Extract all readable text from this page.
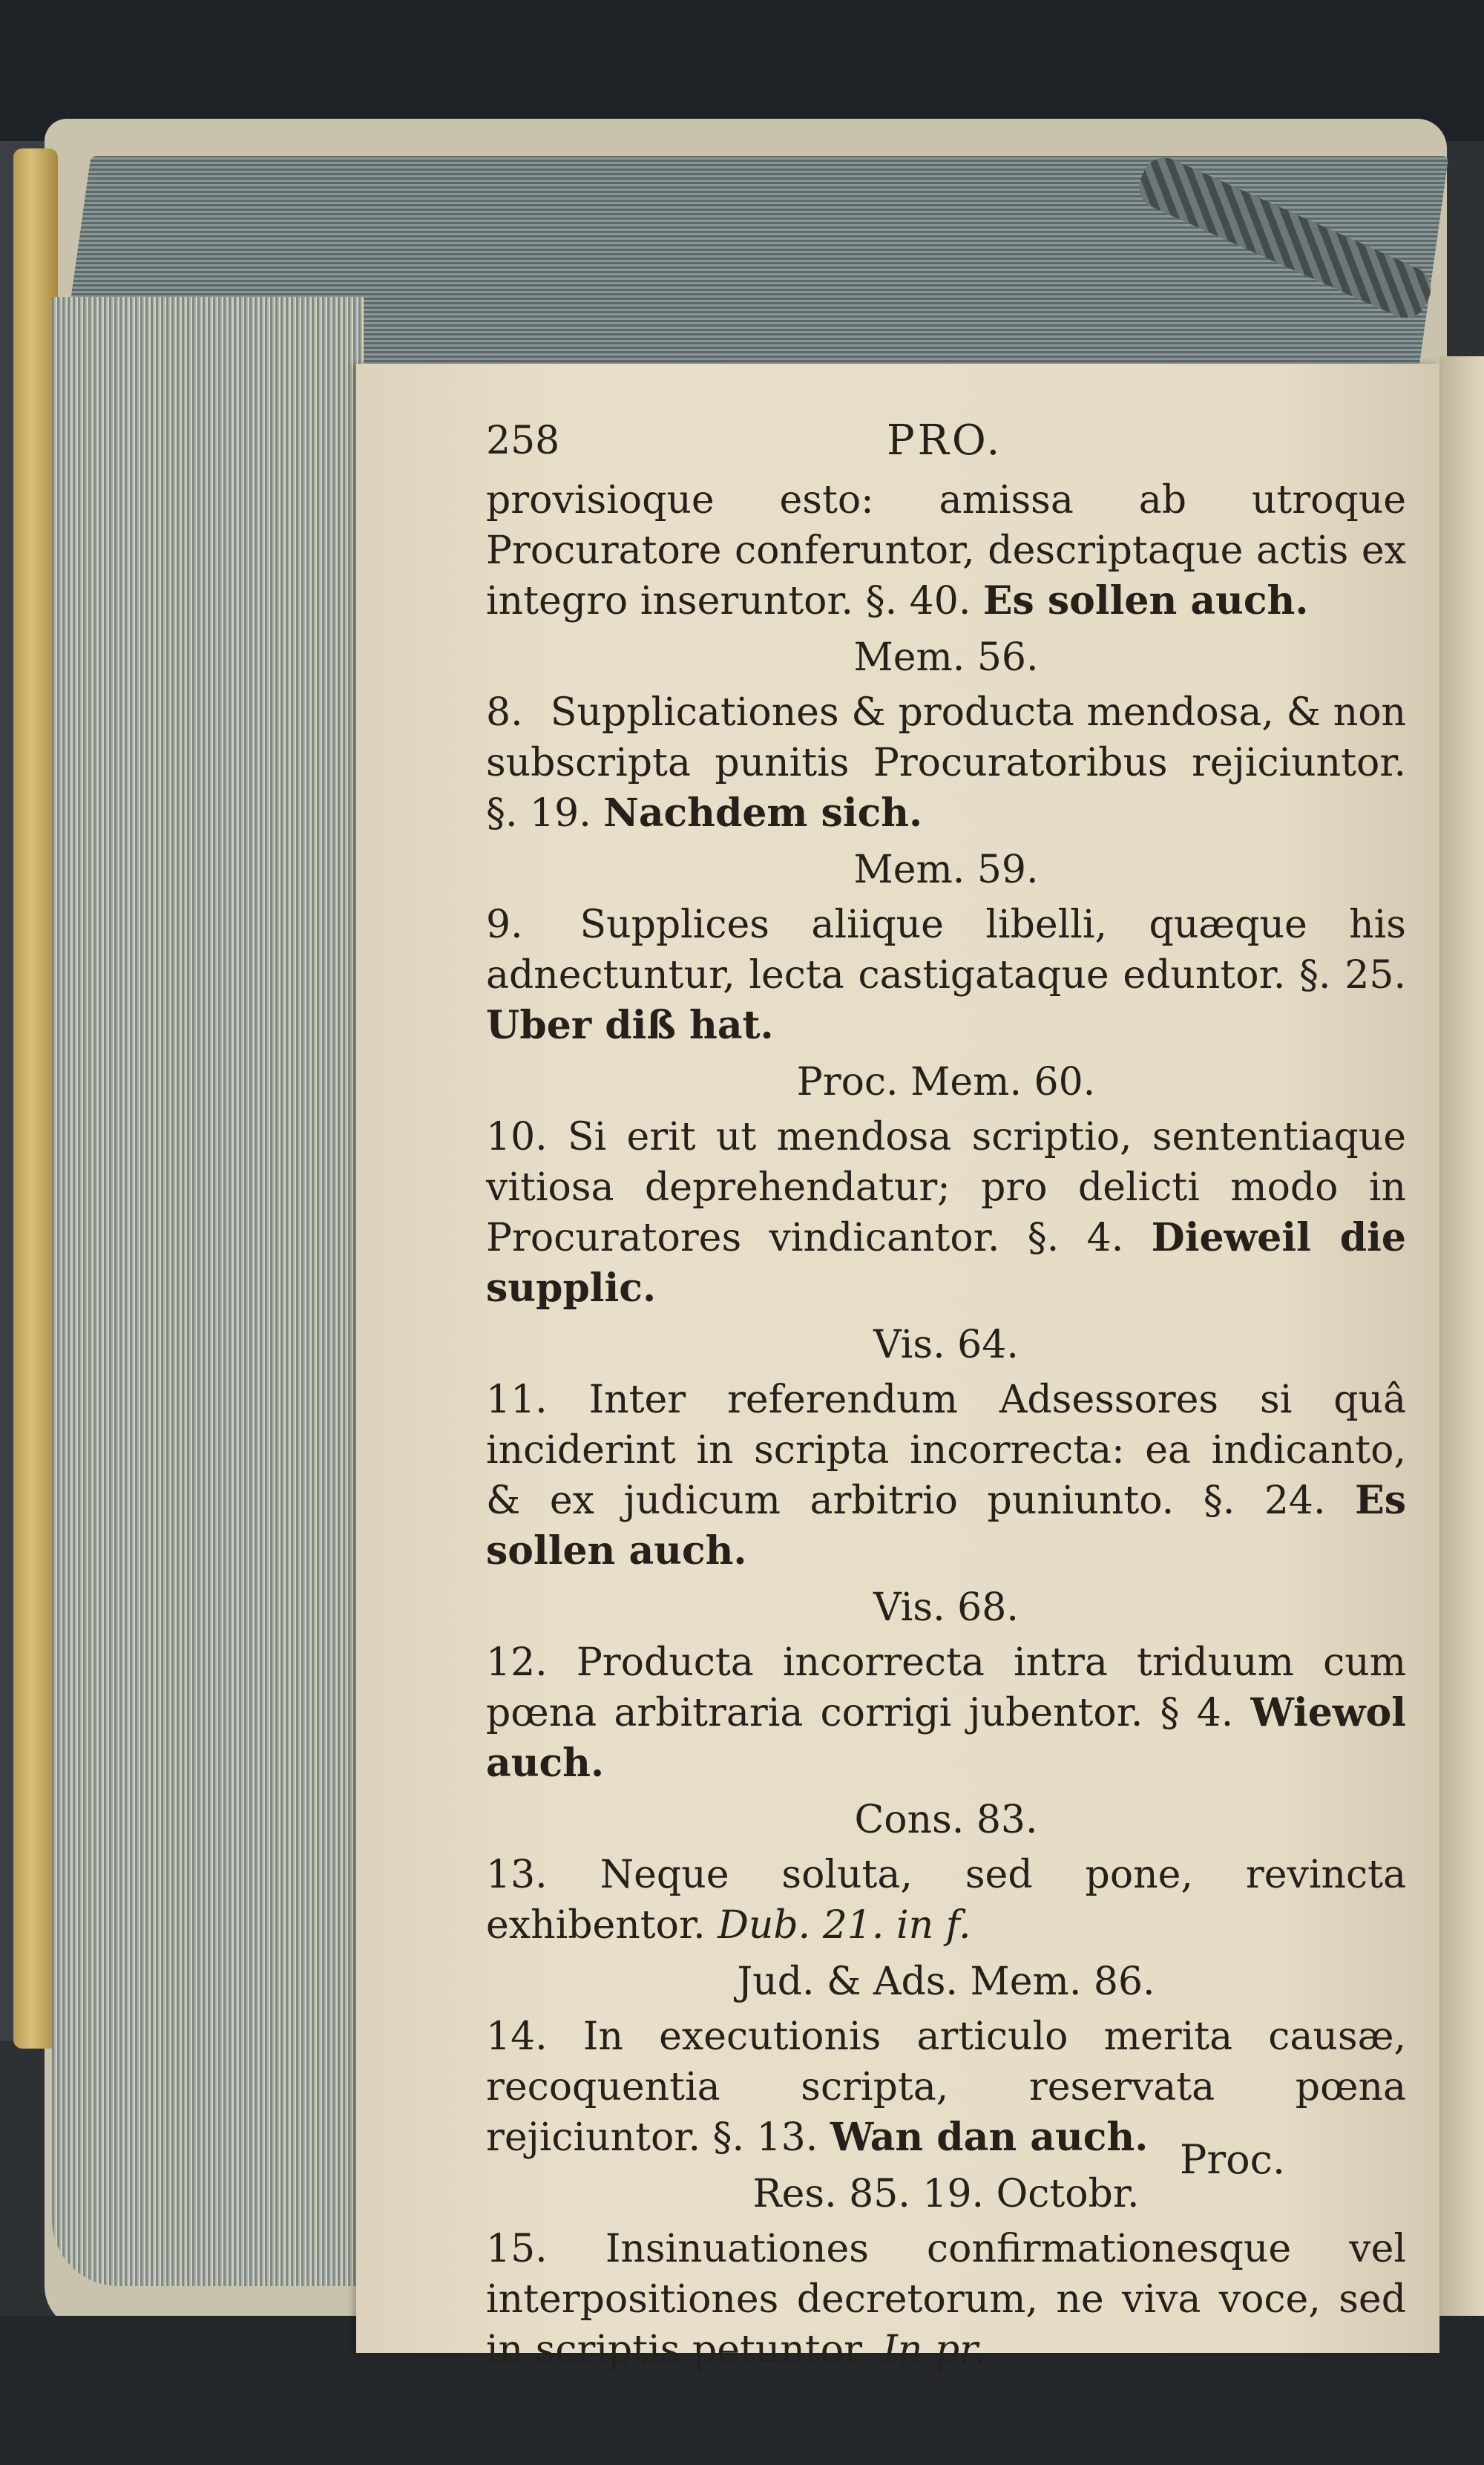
258	PRO.

provisioque esto: amissa ab utroque Procuratore conferuntor, descriptaque actis ex integro inseruntor. §. 40. Es sollen auch.

Mem. 56.

8. Supplicationes & producta mendosa, & non subscripta punitis Procuratoribus rejiciuntor. §. 19. Nachdem sich.

Mem. 59.

9. Supplices aliique libelli, quæque his adnectuntur, lecta castigataque eduntor. §. 25. Uber diß hat.

Proc. Mem. 60.

10. Si erit ut mendosa scriptio, sententiaque vitiosa deprehendatur; pro delicti modo in Procuratores vindicantor. §. 4. Dieweil die supplic.

Vis. 64.

11. Inter referendum Adsessores si quâ inciderint in scripta incorrecta: ea indicanto, & ex judicum arbitrio puniunto. §. 24. Es sollen auch.

Vis. 68.

12. Producta incorrecta intra triduum cum pœna arbitraria corrigi jubentor. § 4. Wiewol auch.

Cons. 83.

13. Neque soluta, sed pone, revincta exhibentor. Dub. 21. in f.

Jud. & Ads. Mem. 86.

14. In executionis articulo merita causæ, recoquentia scripta, reservata pœna rejiciuntor. §. 13. Wan dan auch.

Res. 85. 19. Octobr.

15. Insinuationes confirmationesque vel interpositiones decretorum, ne viva voce, sed in scriptis petuntor. In pr.

Proc.
